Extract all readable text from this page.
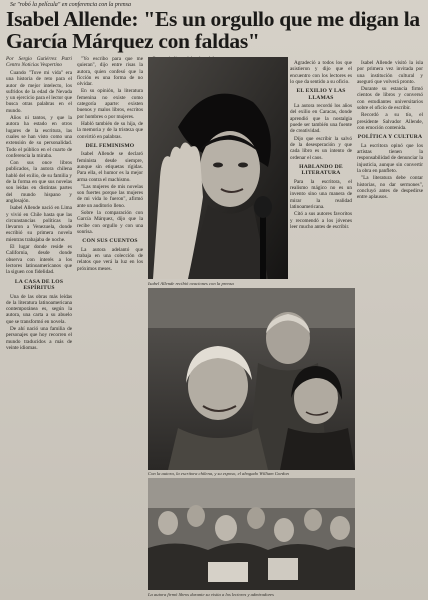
Se "robó la película" en conferencia con la prensa
Isabel Allende: "Es un orgullo que me digan la García Márquez con faldas"
Por Sergio Gutiérrez Patri Centro Noticias Vespertino

Cuando "Tuve mi vida" era una historia de reto para el autor de mejor intelecto, los sufridos de la edad de Nevada y un ejercicio para el lector que busca otras palabras en el mundo.

Años ni tantos, y que la autora ha estado en otros lugares de la escritura, las cuales se han visto como una extensión de su personalidad. Todo el público en el cuarto de conferencia la miraba.

Con sus once libros publicados, la autora chilena habló del exilio, de su familia y de la forma en que sus novelas son leídas en distintas partes del mundo hispano y anglosajón.

Isabel Allende nació en Lima y vivió en Chile hasta que las circunstancias políticas la llevaron a Venezuela, donde escribió su primera novela mientras trabajaba de noche.

El lugar donde reside es California, desde donde observa con interés a los lectores latinoamericanos que la siguen con fidelidad.

LA CASA DE LOS ESPÍRITUS

Una de las obras más leídas de la literatura latinoamericana contemporánea es, según la autora, una carta a su abuelo que se transformó en novela.

De ahí nació una familia de personajes que hoy recorren el mundo traducidos a más de veinte idiomas.

"Yo escribo para que me quieran", dijo entre risas la autora, quien confesó que la ficción es una forma de no olvidar.

En su opinión, la literatura femenina no existe como categoría aparte: existen buenos y malos libros, escritos por hombres o por mujeres.

Habló también de su hija, de la memoria y de la tristeza que convirtió en palabras.

DEL FEMINISMO

Isabel Allende se declaró feminista desde siempre, aunque sin etiquetas rígidas. Para ella, el humor es la mejor arma contra el machismo.

"Las mujeres de mis novelas son fuertes porque las mujeres de mi vida lo fueron", afirmó ante un auditorio lleno.

Sobre la comparación con García Márquez, dijo que la recibe con orgullo y con una sonrisa.

CON SUS CUENTOS

La autora adelantó que trabaja en una colección de relatos que verá la luz en los próximos meses.

Agradeció a todos los que asistieron y dijo que el encuentro con los lectores es lo que da sentido a su oficio.

EL EXILIO Y LAS LLAMAS

La autora recordó los años del exilio en Caracas, donde aprendió que la nostalgia puede ser también una fuente de creatividad.

Dijo que escribir la salvó de la desesperación y que cada libro es un intento de ordenar el caos.

HABLANDO DE LITERATURA

Para la escritora, el realismo mágico no es un invento sino una manera de mirar la realidad latinoamericana.

Citó a sus autores favoritos y recomendó a los jóvenes leer mucho antes de escribir.

Isabel Allende visitó la isla por primera vez invitada por una institución cultural y aseguró que volverá pronto.

Durante su estancia firmó cientos de libros y conversó con estudiantes universitarios sobre el oficio de escribir.

Recordó a su tío, el presidente Salvador Allende, con emoción contenida.

POLÍTICA Y CULTURA

La escritora opinó que los artistas tienen la responsabilidad de denunciar la injusticia, aunque sin convertir la obra en panfleto.

"La literatura debe contar historias, no dar sermones", concluyó antes de despedirse entre aplausos.

Isabel Allende recibió ovaciones con la prensa
Con la autora, la escritora chilena, y su esposo, el abogado William Gordon
La autora firmó libros durante su visita a los lectores y admiradores
